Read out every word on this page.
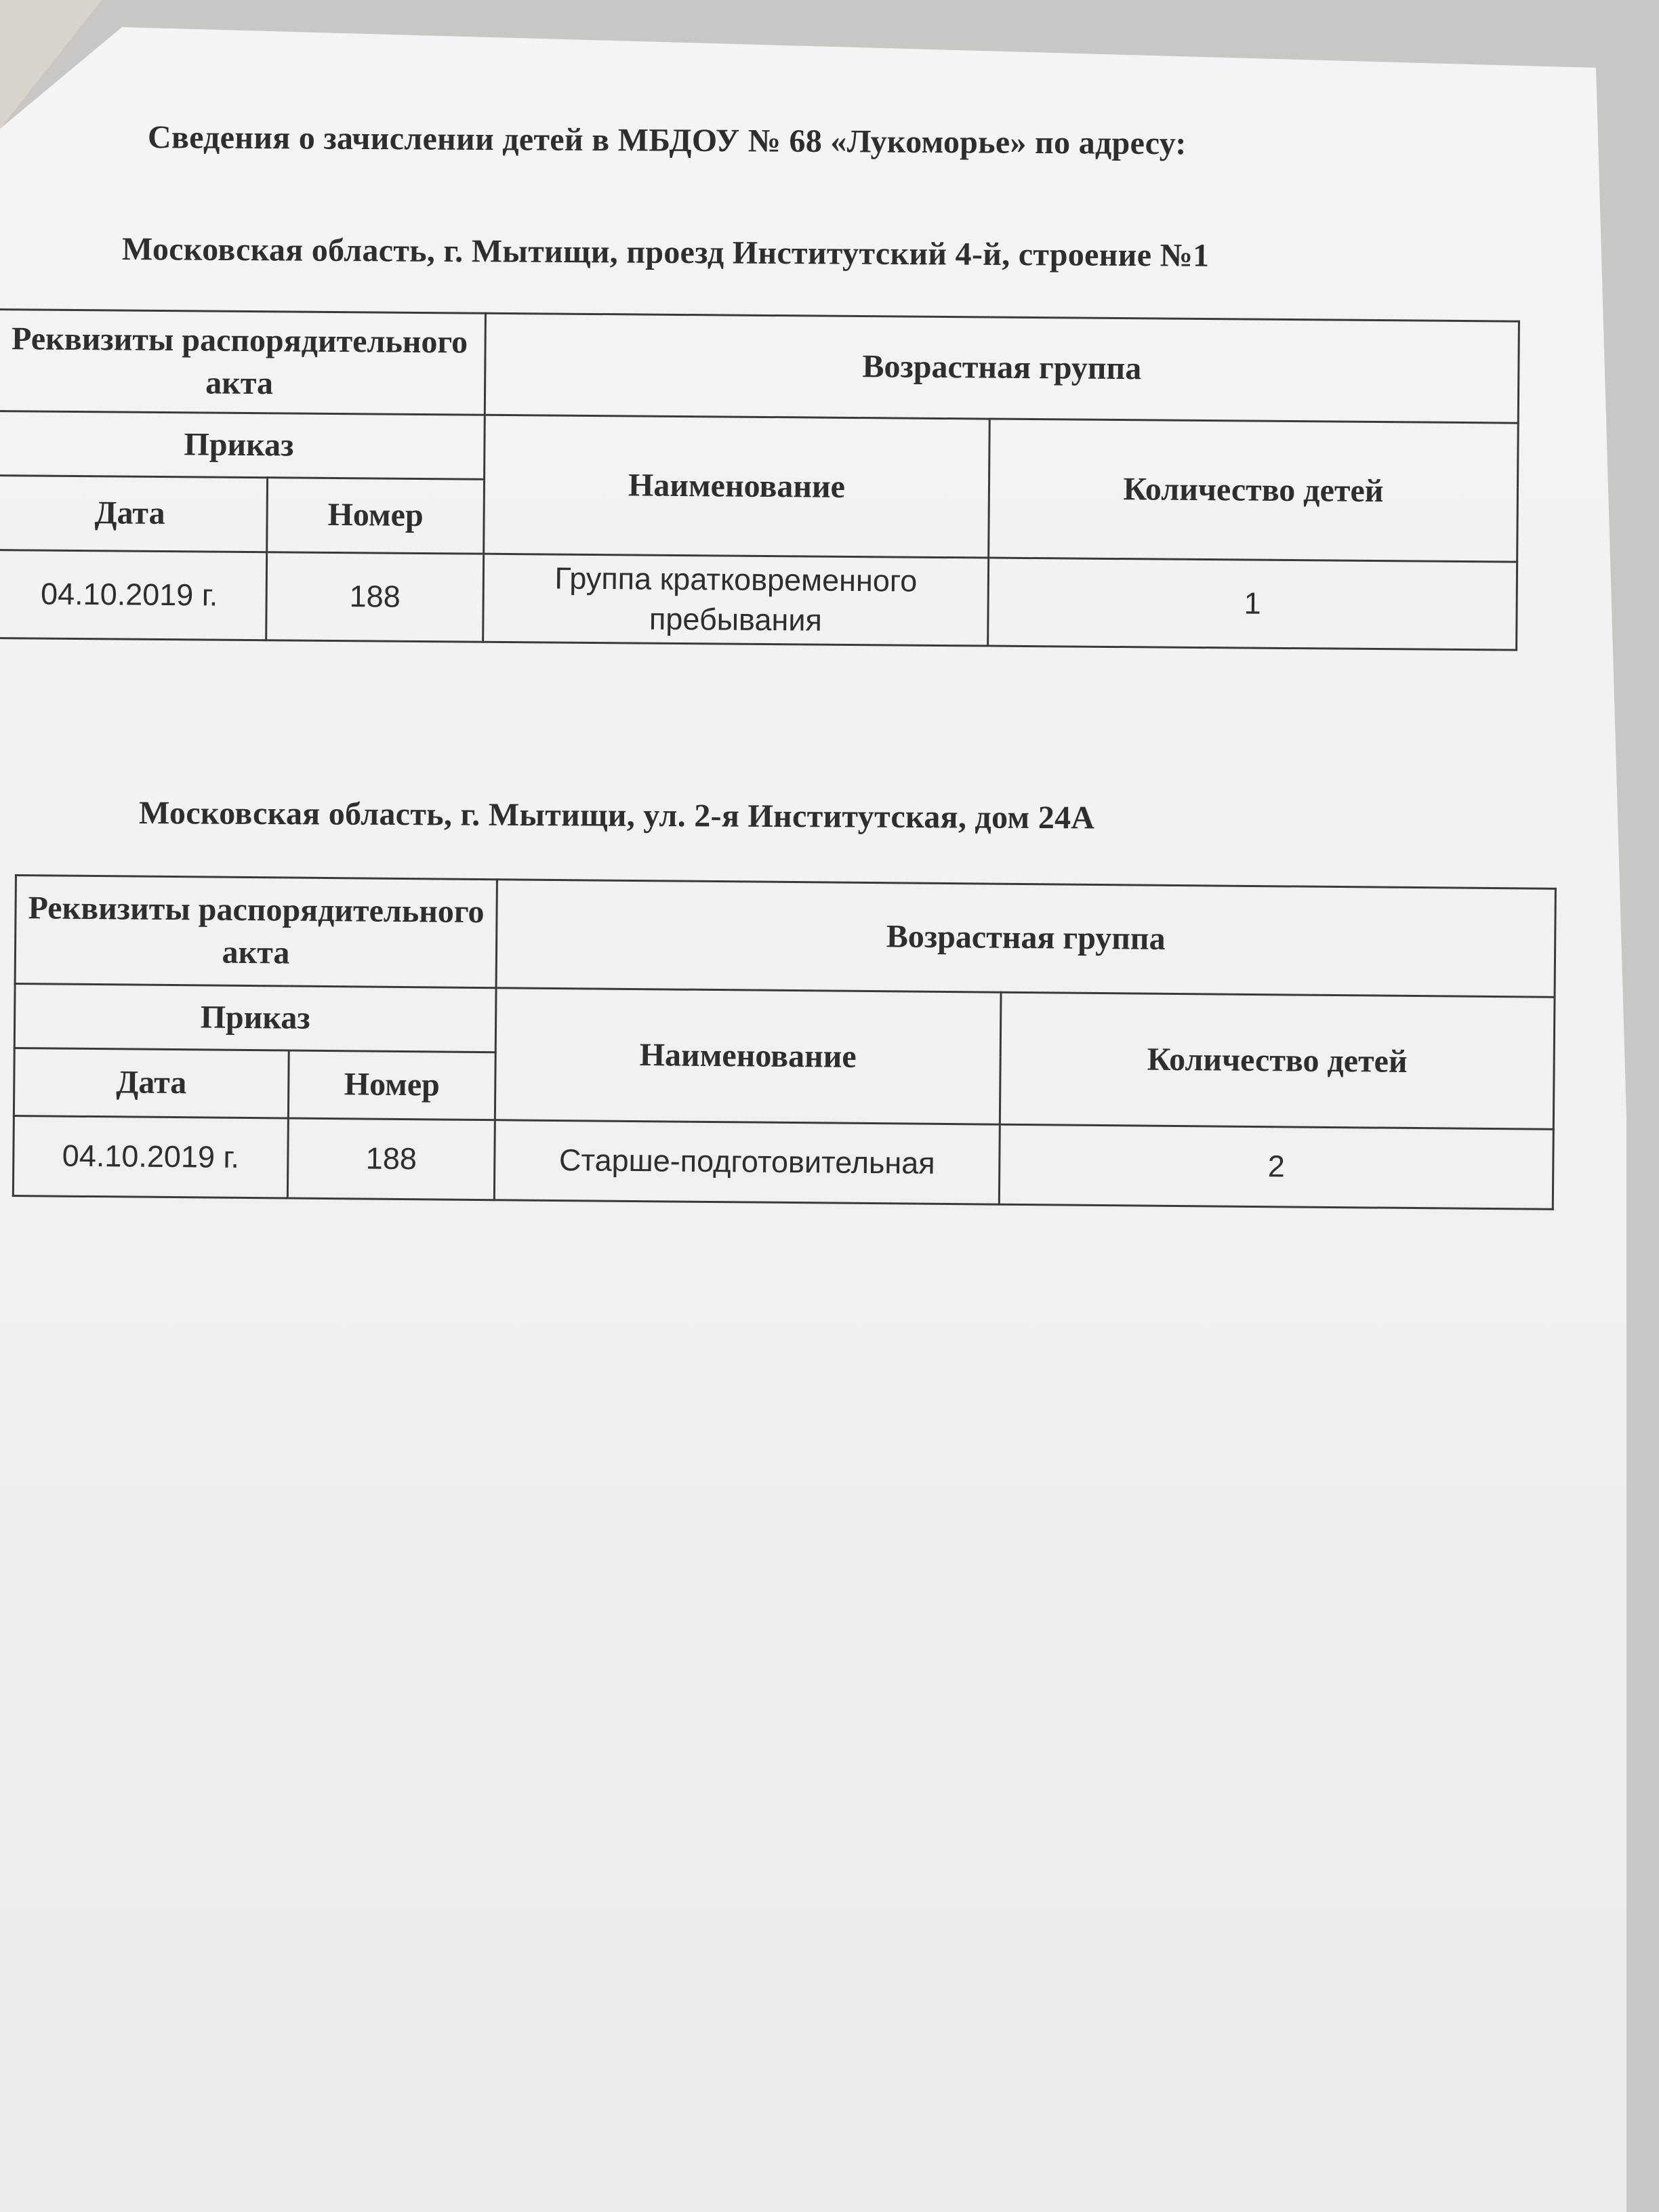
Сведения о зачислении детей в МБДОУ № 68 «Лукоморье» по адресу:
Московская область, г. Мытищи, проезд Институтский 4-й, строение №1
Реквизиты распорядительного акта		Возрастная группа	
Приказ		Наименование	Количество детей
Дата	Номер		
04.10.2019 г.	188	Группа кратковременного пребывания	1
Московская область, г. Мытищи, ул. 2-я Институтская, дом 24А
Реквизиты распорядительного акта		Возрастная группа	
Приказ		Наименование	Количество детей
Дата	Номер		
04.10.2019 г.	188	Старше-подготовительная	2
